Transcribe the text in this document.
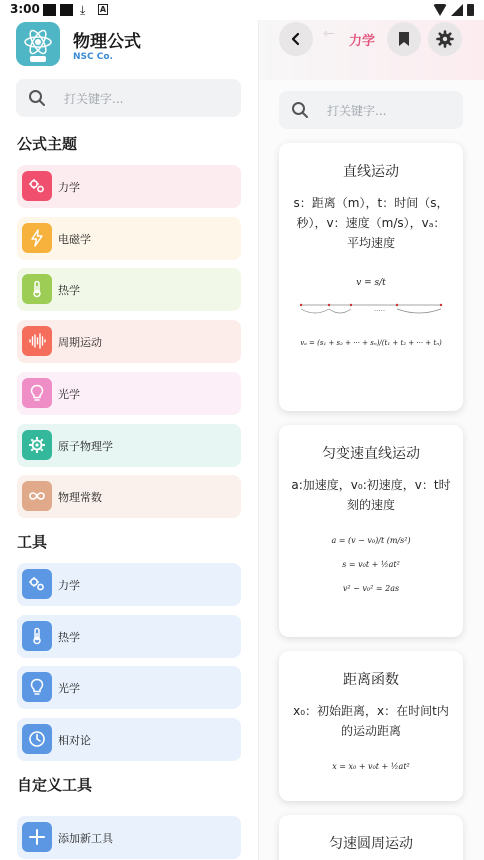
3:00	⤓ A
物理公式
NSC Co.
打关键字...
公式主题
力学
电磁学
热学
周期运动
光学
原子物理学
物理常数
工具
力学
热学
光学
相对论
自定义工具
添加新工具
⇽ 力学
打关键字...
直线运动
s：距离（m），t：时间（s，秒），v：速度（m/s），vₐ：平均速度
v = s/t
·····
vₐ = (s₁ + s₂ + ··· + sₙ)/(t₁ + t₂ + ··· + tₙ)
匀变速直线运动
a:加速度，v₀:初速度，v：t时刻的速度
a = (v − v₀)/t (m/s²)
s = v₀t + ½at²
v² − v₀² = 2as
距离函数
x₀：初始距离，x：在时间t内的运动距离
x = x₀ + v₀t + ½at²
匀速圆周运动
